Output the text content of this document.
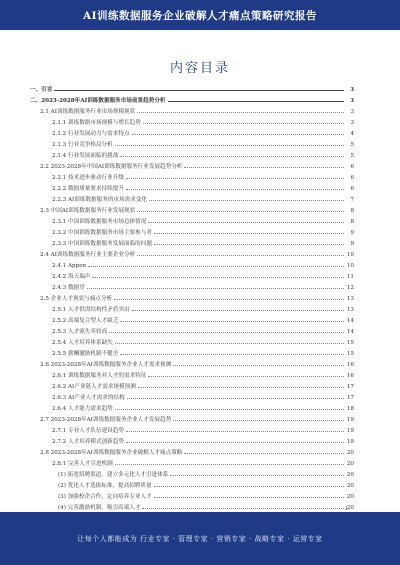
AI训练数据服务企业破解人才痛点策略研究报告
内容目录
一、引言	3
二、2023-2028年AI训练数据服务市场前景趋势分析	3
2.1 AI训练数据服务行业市场规模现状	3
2.1.1 训练数据市场规模与增长趋势	3
2.1.2 行业发展动力与需求特点	4
2.1.3 行业竞争格局分析	5
2.1.4 行业发展面临的挑战	5
2.2 2023-2028年中国AI训练数据服务行业发展趋势分析	6
2.2.1 技术进步驱动行业升级	6
2.2.2 数据质量要求持续提升	6
2.2.3 AI训练数据服务的市场需求变化	7
2.3 中国AI训练数据服务行业发展现状	8
2.3.1 中国训练数据服务市场总体情况	8
2.3.2 中国训练数据服务市场主要参与者	9
2.3.3 中国训练数据服务发展面临的问题	9
2.4 AI训练数据服务行业主要企业分析	10
2.4.1 Appen	10
2.4.2 海天瑞声	11
2.4.3 数据堂	12
2.5 企业人才现状与痛点分析	13
2.5.1 人才供需结构性矛盾突出	13
2.5.2 高端复合型人才缺乏	14
2.5.3 人才流失率较高	14
2.5.4 人才培养体系缺失	15
2.5.5 薪酬激励机制不健全	15
2.6 2023-2028年AI训练数据服务企业人才需求预测	16
2.6.1 训练数据服务对人才的需求特征	16
2.6.2 AI产业链人才需求规模预测	17
2.6.3 AI产业人才需求的结构	17
2.6.4 人才能力需求趋势	18
2.7 2023-2028年AI训练数据服务企业人才发展趋势	19
2.7.1 专业人才队伍建设趋势	19
2.7.2 人才培养模式创新趋势	19
2.8 2023-2028年AI训练数据服务企业破解人才痛点策略	20
2.8.1 完善人才引进机制	20
(1) 拓宽招聘渠道，建立多元化人才引进体系	20
(2) 优化人才选拔标准，提高招聘质量	20
(3) 加强校企合作，定向培养专业人才	20
(4) 完善激励机制，吸引高端人才	20
1
让每个人都能成为 行业专家 · 管理专家 · 营销专家 · 战略专家 · 运营专家
